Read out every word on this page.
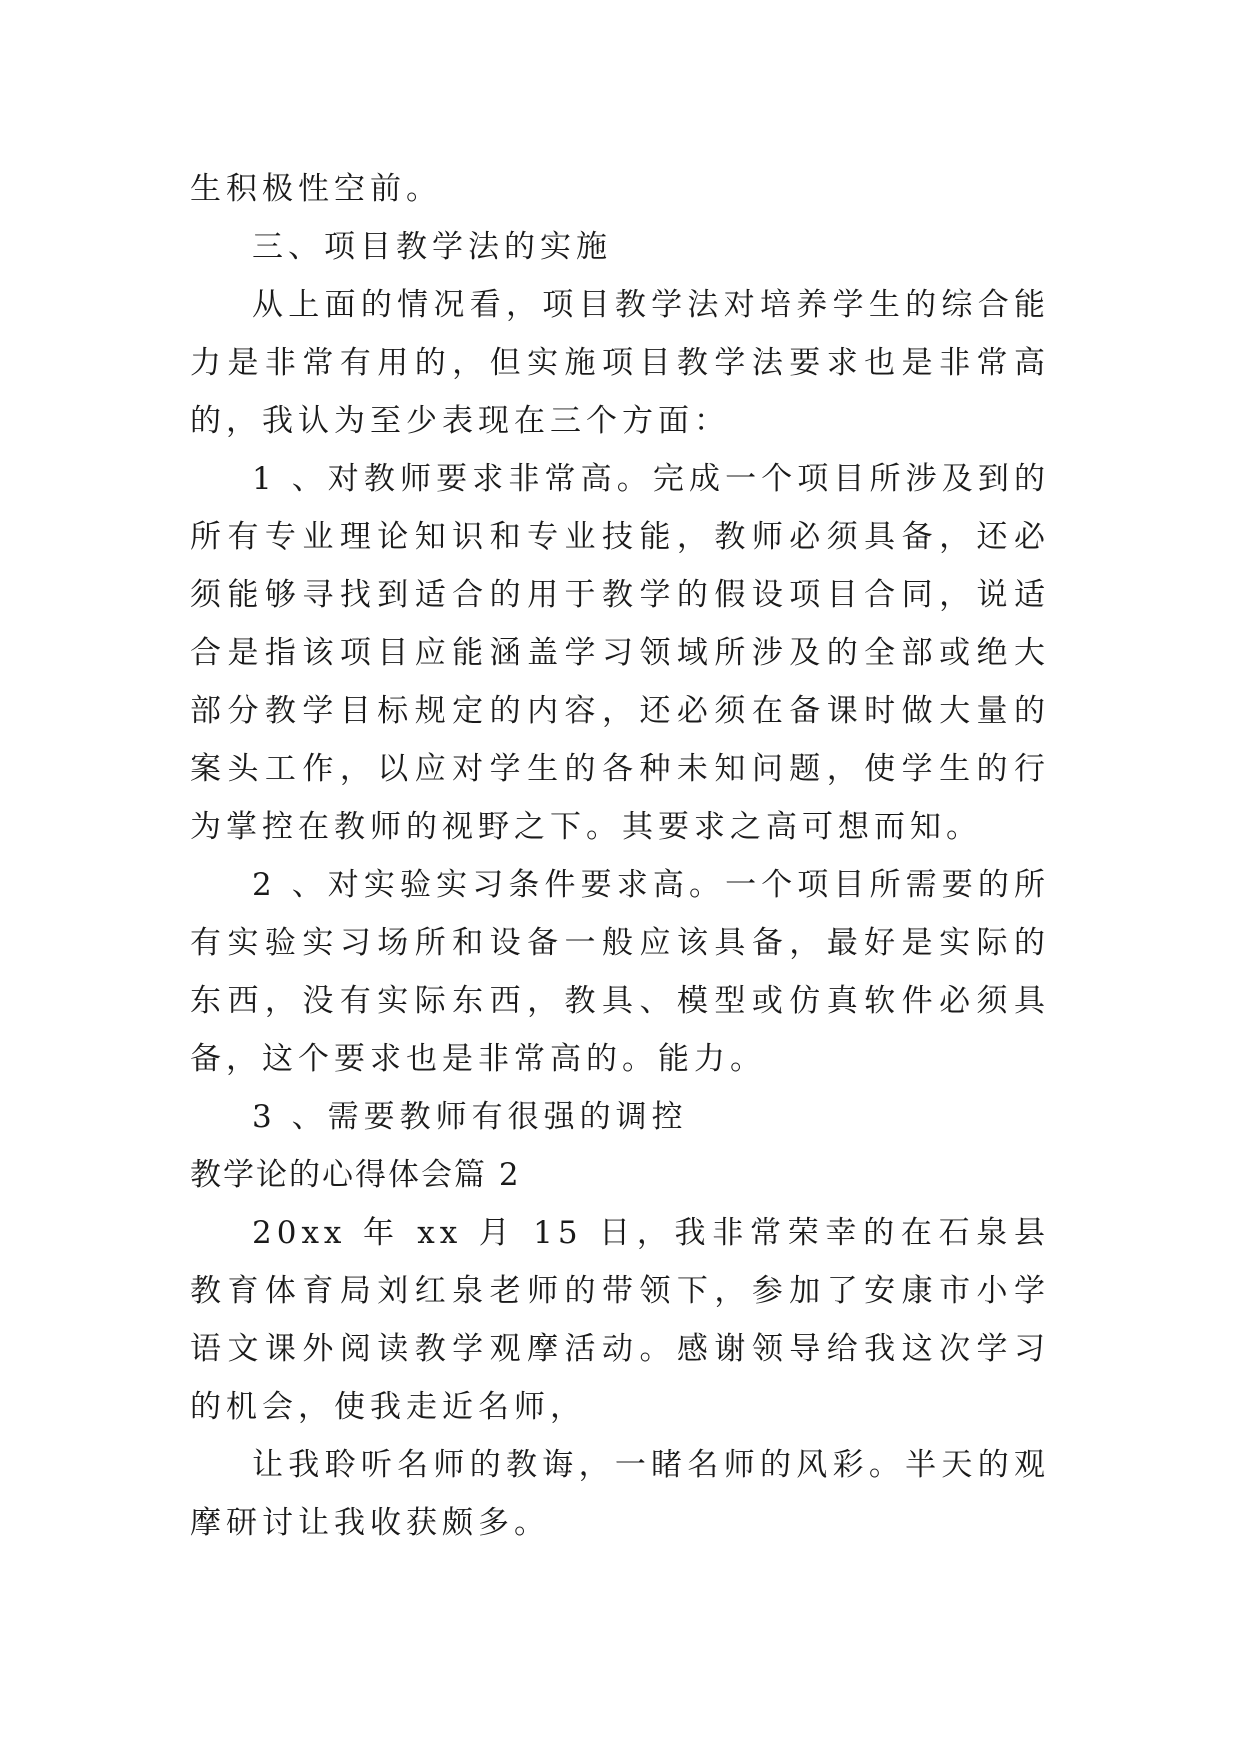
生积极性空前。

三、项目教学法的实施

从上面的情况看，项目教学法对培养学生的综合能力是非常有用的，但实施项目教学法要求也是非常高的，我认为至少表现在三个方面：

1 、对教师要求非常高。完成一个项目所涉及到的所有专业理论知识和专业技能，教师必须具备，还必须能够寻找到适合的用于教学的假设项目合同，说适合是指该项目应能涵盖学习领域所涉及的全部或绝大部分教学目标规定的内容，还必须在备课时做大量的案头工作，以应对学生的各种未知问题，使学生的行为掌控在教师的视野之下。其要求之高可想而知。

2 、对实验实习条件要求高。一个项目所需要的所有实验实习场所和设备一般应该具备，最好是实际的东西，没有实际东西，教具、模型或仿真软件必须具备，这个要求也是非常高的。能力。

3 、需要教师有很强的调控

教学论的心得体会篇 2

20xx 年 xx 月 15 日，我非常荣幸的在石泉县教育体育局刘红泉老师的带领下，参加了安康市小学语文课外阅读教学观摩活动。感谢领导给我这次学习的机会，使我走近名师，

让我聆听名师的教诲，一睹名师的风彩。半天的观摩研讨让我收获颇多。
